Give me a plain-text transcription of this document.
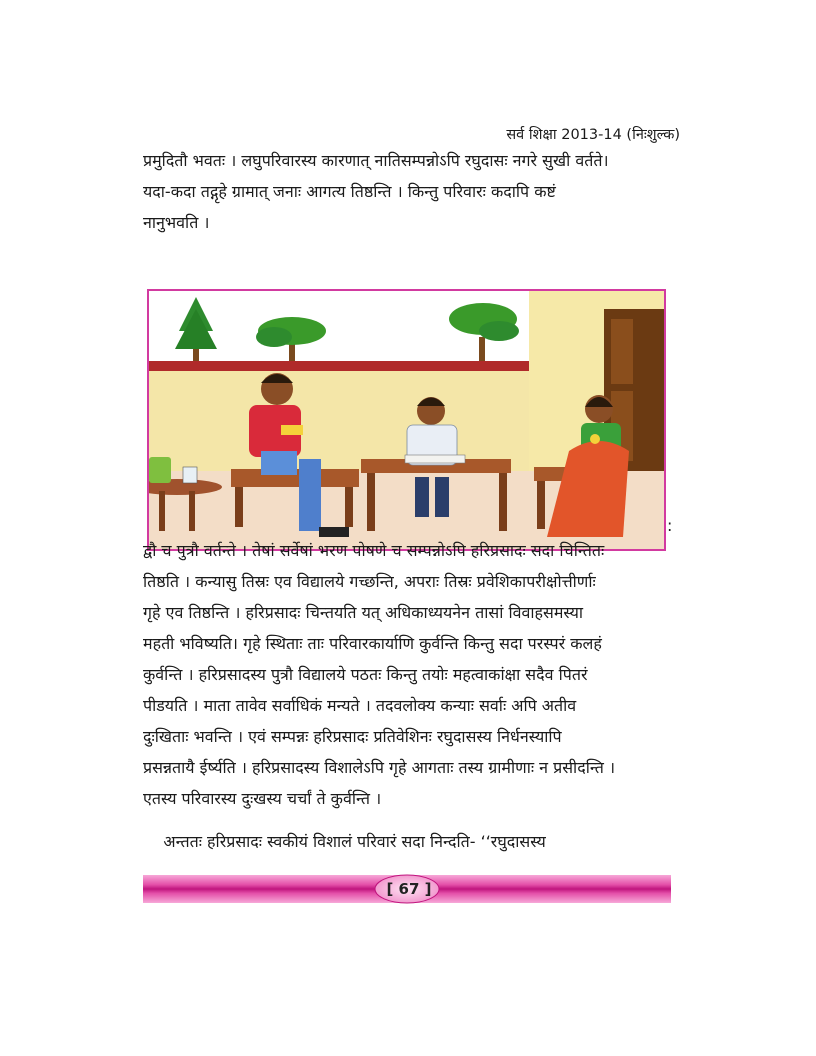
सर्व शिक्षा 2013-14 (निःशुल्क)

प्रमुदितौ भवतः । लघुपरिवारस्य कारणात् नातिसम्पन्नोऽपि रघुदासः नगरे सुखी वर्तते।
यदा-कदा तद्गृहे ग्रामात् जनाः आगत्य तिष्ठन्ति । किन्तु परिवारः कदापि कष्टं
नानुभवति ।

:

द्वौ च पुत्रौ वर्तन्ते । तेषां सर्वेषां भरण पोषणे च सम्पन्नोऽपि हरिप्रसादः सदा चिन्तितः
तिष्ठति । कन्यासु तिस्रः एव विद्यालये गच्छन्ति, अपराः तिस्रः प्रवेशिकापरीक्षोत्तीर्णाः
गृहे एव तिष्ठन्ति । हरिप्रसादः चिन्तयति यत् अधिकाध्ययनेन तासां विवाहसमस्या
महती भविष्यति। गृहे स्थिताः ताः परिवारकार्याणि कुर्वन्ति किन्तु सदा परस्परं कलहं
कुर्वन्ति । हरिप्रसादस्य पुत्रौ विद्यालये पठतः किन्तु तयोः महत्वाकांक्षा सदैव पितरं
पीडयति । माता तावेव सर्वाधिकं मन्यते । तदवलोक्य कन्याः सर्वाः अपि अतीव
दुःखिताः भवन्ति । एवं सम्पन्नः हरिप्रसादः प्रतिवेशिनः रघुदासस्य निर्धनस्यापि
प्रसन्नतायै ईर्ष्यति । हरिप्रसादस्य विशालेऽपि गृहे आगताः तस्य ग्रामीणाः न प्रसीदन्ति ।
एतस्य परिवारस्य दुःखस्य चर्चां ते कुर्वन्ति ।

अन्ततः हरिप्रसादः स्वकीयं विशालं परिवारं सदा निन्दति- ‘‘रघुदासस्य

[ 67 ]
